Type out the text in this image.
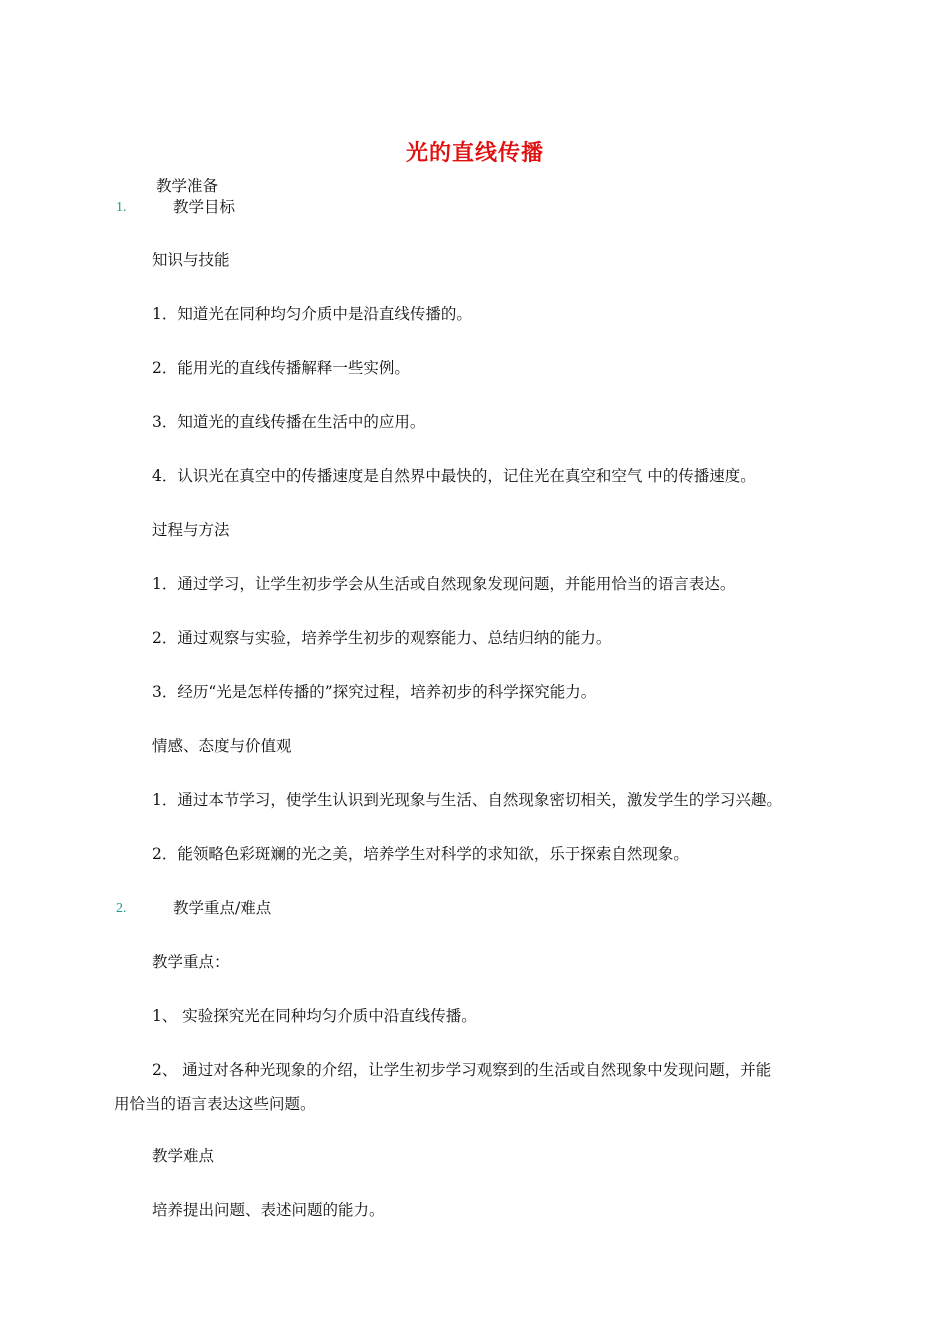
光的直线传播
教学准备
1.	教学目标
知识与技能
1．知道光在同种均匀介质中是沿直线传播的。
2．能用光的直线传播解释一些实例。
3．知道光的直线传播在生活中的应用。
4．认识光在真空中的传播速度是自然界中最快的，记住光在真空和空气 中的传播速度。
过程与方法
1．通过学习，让学生初步学会从生活或自然现象发现问题，并能用恰当的语言表达。
2．通过观察与实验，培养学生初步的观察能力、总结归纳的能力。
3．经历“光是怎样传播的”探究过程，培养初步的科学探究能力。
情感、态度与价值观
1．通过本节学习，使学生认识到光现象与生活、自然现象密切相关，激发学生的学习兴趣。
2．能领略色彩斑斓的光之美，培养学生对科学的求知欲，乐于探索自然现象。
2.	教学重点/难点
教学重点：
1、 实验探究光在同种均匀介质中沿直线传播。
2、 通过对各种光现象的介绍，让学生初步学习观察到的生活或自然现象中发现问题，并能
用恰当的语言表达这些问题。
教学难点
培养提出问题、表述问题的能力。
